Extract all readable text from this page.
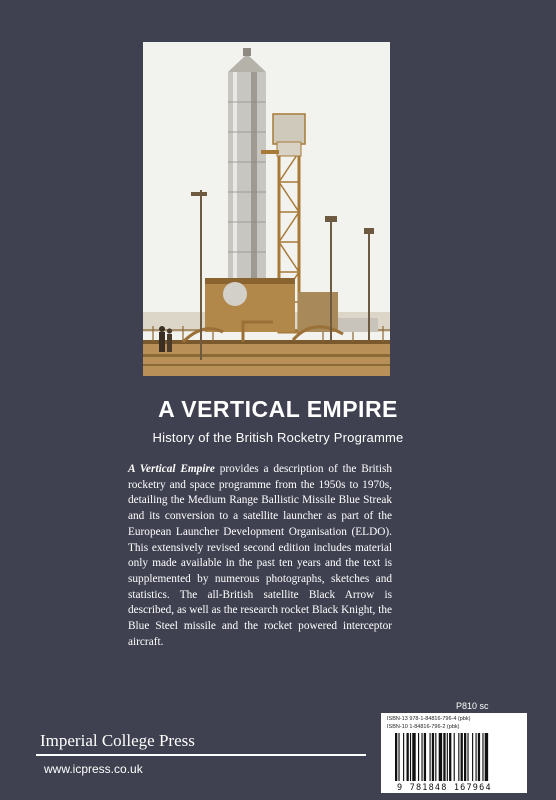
A VERTICAL EMPIRE
History of the British Rocketry Programme

A Vertical Empire provides a description of the British rocketry and space programme from the 1950s to 1970s, detailing the Medium Range Ballistic Missile Blue Streak and its conversion to a satellite launcher as part of the European Launcher Development Organisation (ELDO). This extensively revised second edition includes material only made available in the past ten years and the text is supplemented by numerous photographs, sketches and statistics. The all-British satellite Black Arrow is described, as well as the research rocket Black Knight, the Blue Steel missile and the rocket powered interceptor aircraft.

P810 sc
Imperial College Press
www.icpress.co.uk
ISBN-13 978-1-84816-796-4 (pbk)
ISBN-10 1-84816-796-2 (pbk)
9 781848 167964
